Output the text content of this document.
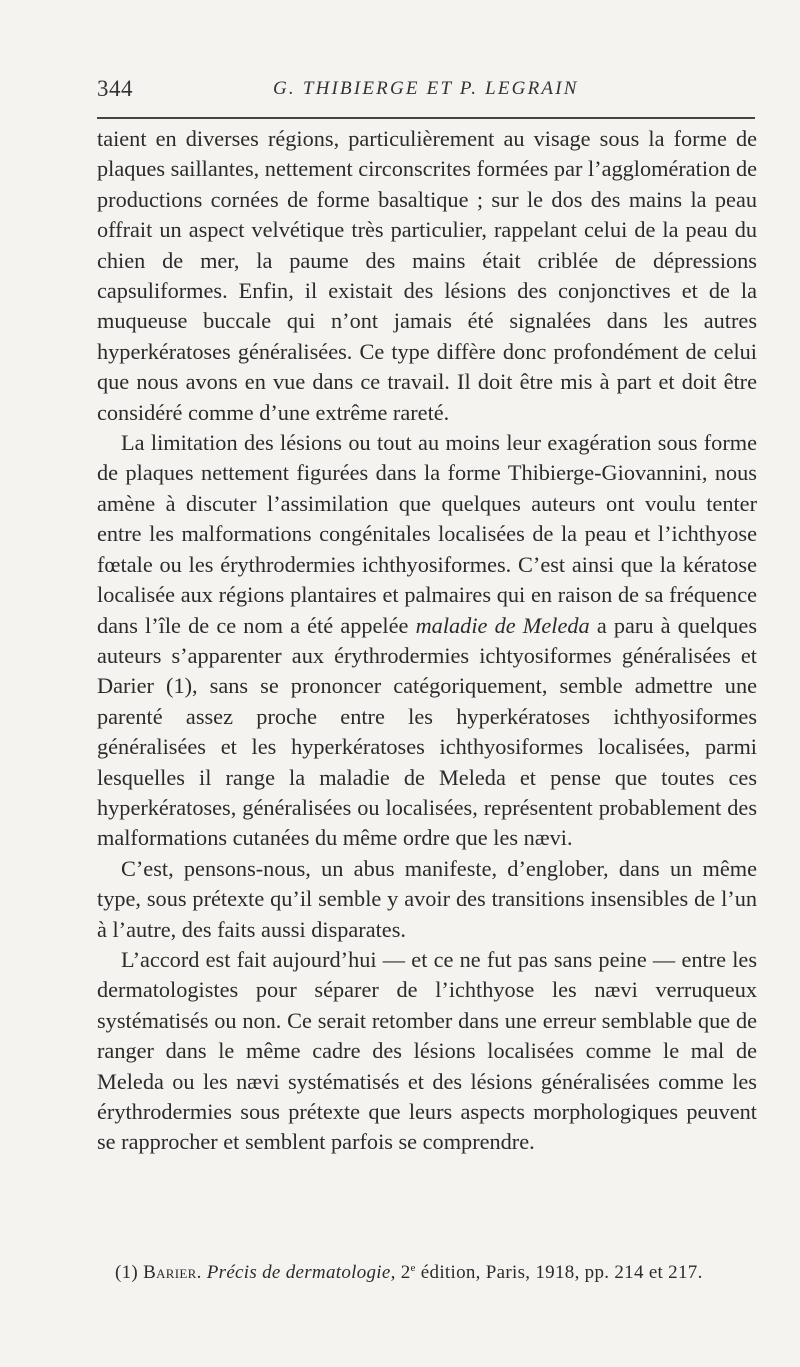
344	G. THIBIERGE ET P. LEGRAIN

taient en diverses régions, particulièrement au visage sous la forme de plaques saillantes, nettement circonscrites formées par l’agglomération de productions cornées de forme basaltique ; sur le dos des mains la peau offrait un aspect velvétique très particulier, rappelant celui de la peau du chien de mer, la paume des mains était criblée de dépressions capsuliformes. Enfin, il existait des lésions des conjonctives et de la muqueuse buccale qui n’ont jamais été signalées dans les autres hyperkératoses généralisées. Ce type diffère donc profondément de celui que nous avons en vue dans ce travail. Il doit être mis à part et doit être considéré comme d’une extrême rareté.

La limitation des lésions ou tout au moins leur exagération sous forme de plaques nettement figurées dans la forme Thibierge-Giovannini, nous amène à discuter l’assimilation que quelques auteurs ont voulu tenter entre les malformations congénitales localisées de la peau et l’ichthyose fœtale ou les érythrodermies ichthyosiformes. C’est ainsi que la kératose localisée aux régions plantaires et palmaires qui en raison de sa fréquence dans l’île de ce nom a été appelée maladie de Meleda a paru à quelques auteurs s’apparenter aux érythrodermies ichtyosiformes généralisées et Darier (1), sans se prononcer catégoriquement, semble admettre une parenté assez proche entre les hyperkératoses ichthyosiformes généralisées et les hyperkératoses ichthyosiformes localisées, parmi lesquelles il range la maladie de Meleda et pense que toutes ces hyperkératoses, généralisées ou localisées, représentent probablement des malformations cutanées du même ordre que les nævi.

C’est, pensons-nous, un abus manifeste, d’englober, dans un même type, sous prétexte qu’il semble y avoir des transitions insensibles de l’un à l’autre, des faits aussi disparates.

L’accord est fait aujourd’hui — et ce ne fut pas sans peine — entre les dermatologistes pour séparer de l’ichthyose les nævi verruqueux systématisés ou non. Ce serait retomber dans une erreur semblable que de ranger dans le même cadre des lésions localisées comme le mal de Meleda ou les nævi systématisés et des lésions généralisées comme les érythrodermies sous prétexte que leurs aspects morphologiques peuvent se rapprocher et semblent parfois se comprendre.

(1) Barier. Précis de dermatologie, 2e édition, Paris, 1918, pp. 214 et 217.
